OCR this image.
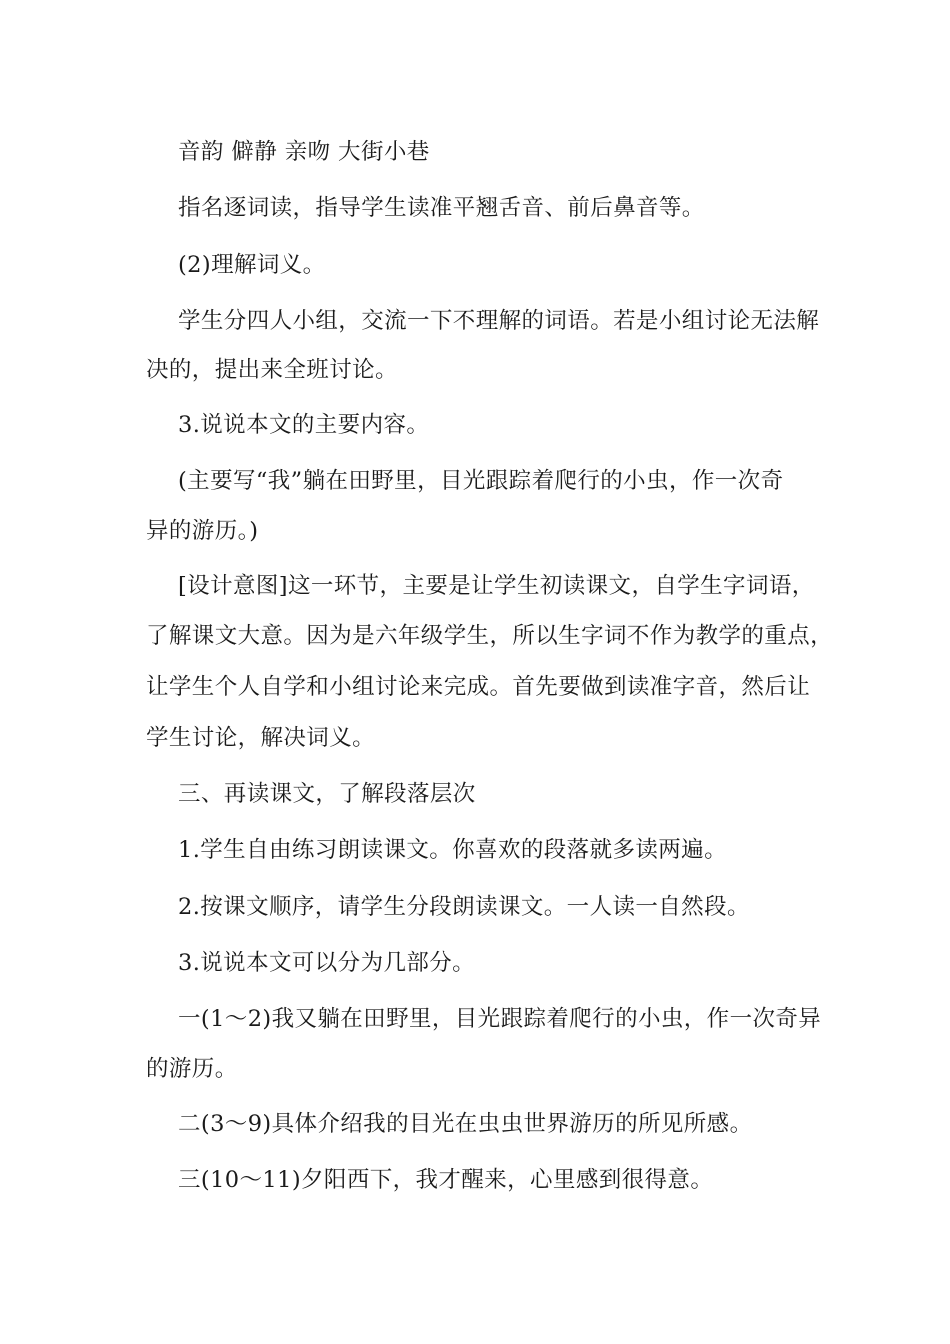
音韵 僻静 亲吻 大街小巷
指名逐词读，指导学生读准平翘舌音、前后鼻音等。
(2)理解词义。
学生分四人小组，交流一下不理解的词语。若是小组讨论无法解
决的，提出来全班讨论。
3.说说本文的主要内容。
(主要写“我”躺在田野里，目光跟踪着爬行的小虫，作一次奇
异的游历。)
[设计意图]这一环节，主要是让学生初读课文，自学生字词语，
了解课文大意。因为是六年级学生，所以生字词不作为教学的重点，
让学生个人自学和小组讨论来完成。首先要做到读准字音，然后让
学生讨论，解决词义。
三、再读课文，了解段落层次
1.学生自由练习朗读课文。你喜欢的段落就多读两遍。
2.按课文顺序，请学生分段朗读课文。一人读一自然段。
3.说说本文可以分为几部分。
一(1～2)我又躺在田野里，目光跟踪着爬行的小虫，作一次奇异
的游历。
二(3～9)具体介绍我的目光在虫虫世界游历的所见所感。
三(10～11)夕阳西下，我才醒来，心里感到很得意。
